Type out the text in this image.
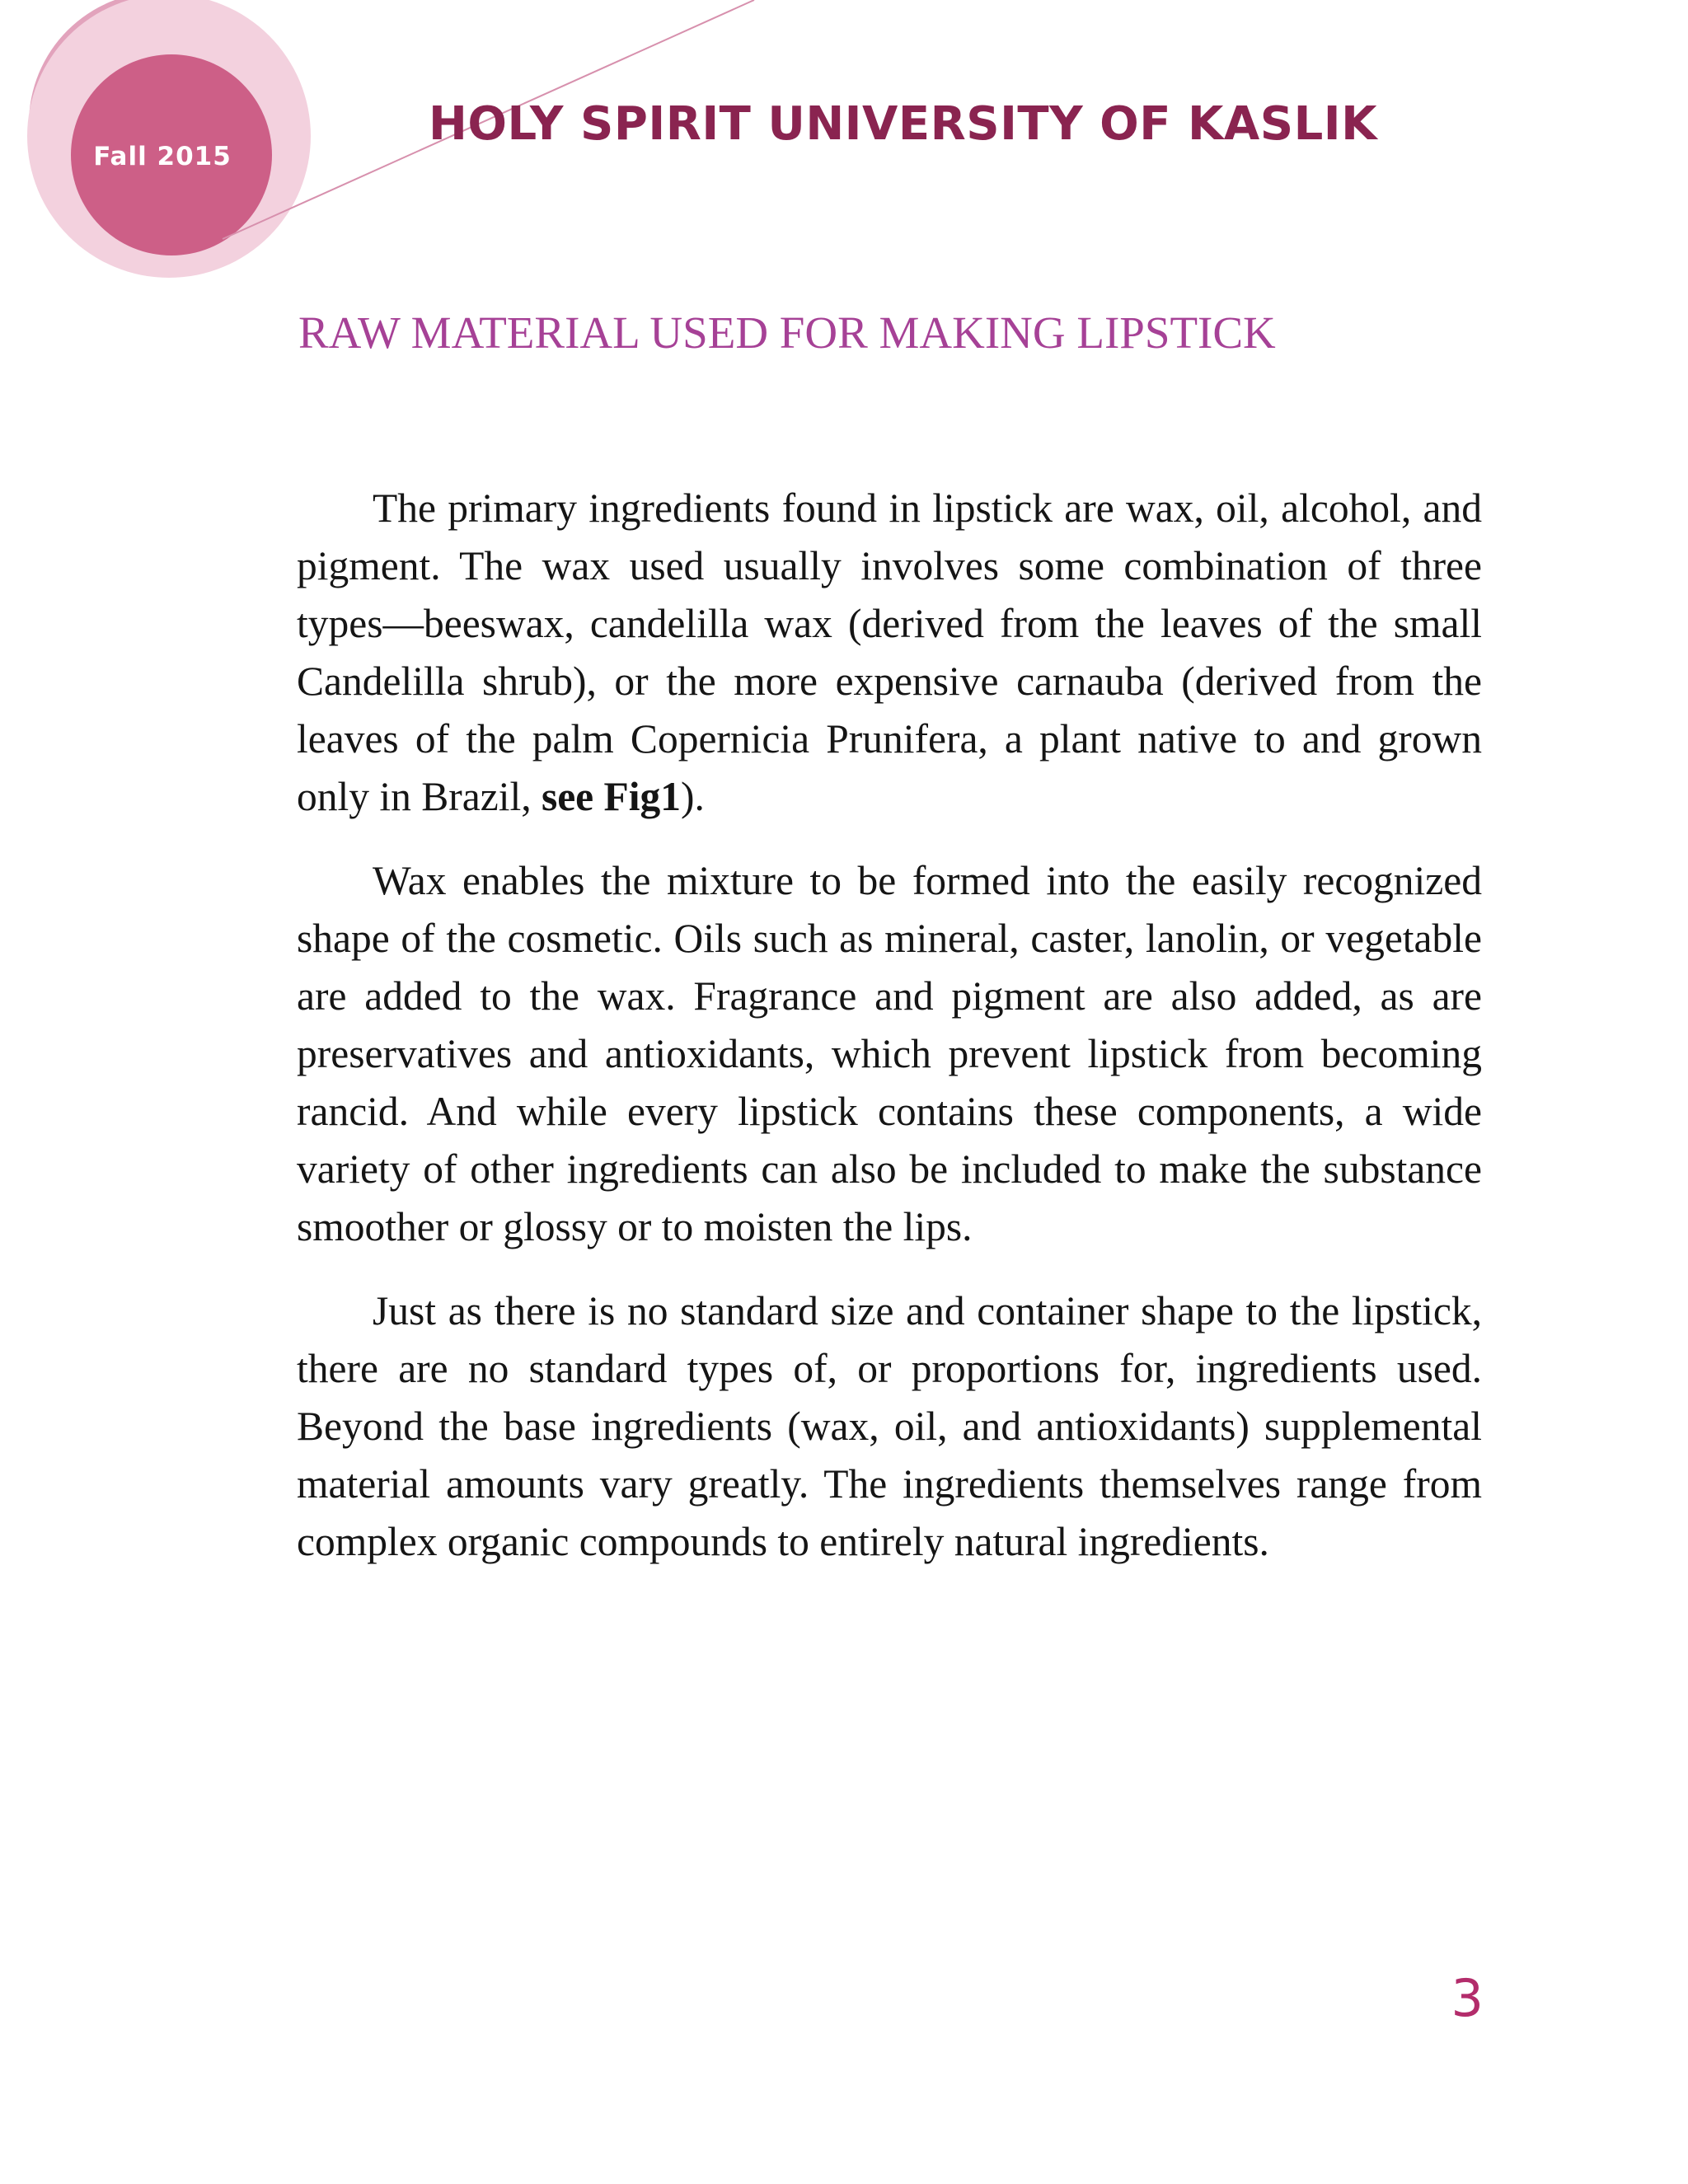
Fall 2015

HOLY SPIRIT UNIVERSITY OF KASLIK
RAW MATERIAL USED FOR MAKING LIPSTICK

The primary ingredients found in lipstick are wax, oil, alcohol, and pigment. The wax used usually involves some combination of three types—beeswax, candelilla wax (derived from the leaves of the small Candelilla shrub), or the more expensive carnauba (derived from the leaves of the palm Copernicia Prunifera, a plant native to and grown only in Brazil, see Fig1).

Wax enables the mixture to be formed into the easily recognized shape of the cosmetic. Oils such as mineral, caster, lanolin, or vegetable are added to the wax. Fragrance and pigment are also added, as are preservatives and antioxidants, which prevent lipstick from becoming rancid. And while every lipstick contains these components, a wide variety of other ingredients can also be included to make the substance smoother or glossy or to moisten the lips.

Just as there is no standard size and container shape to the lipstick, there are no standard types of, or proportions for, ingredients used. Beyond the base ingredients (wax, oil, and antioxidants) supplemental material amounts vary greatly. The ingredients themselves range from complex organic compounds to entirely natural ingredients.

3
